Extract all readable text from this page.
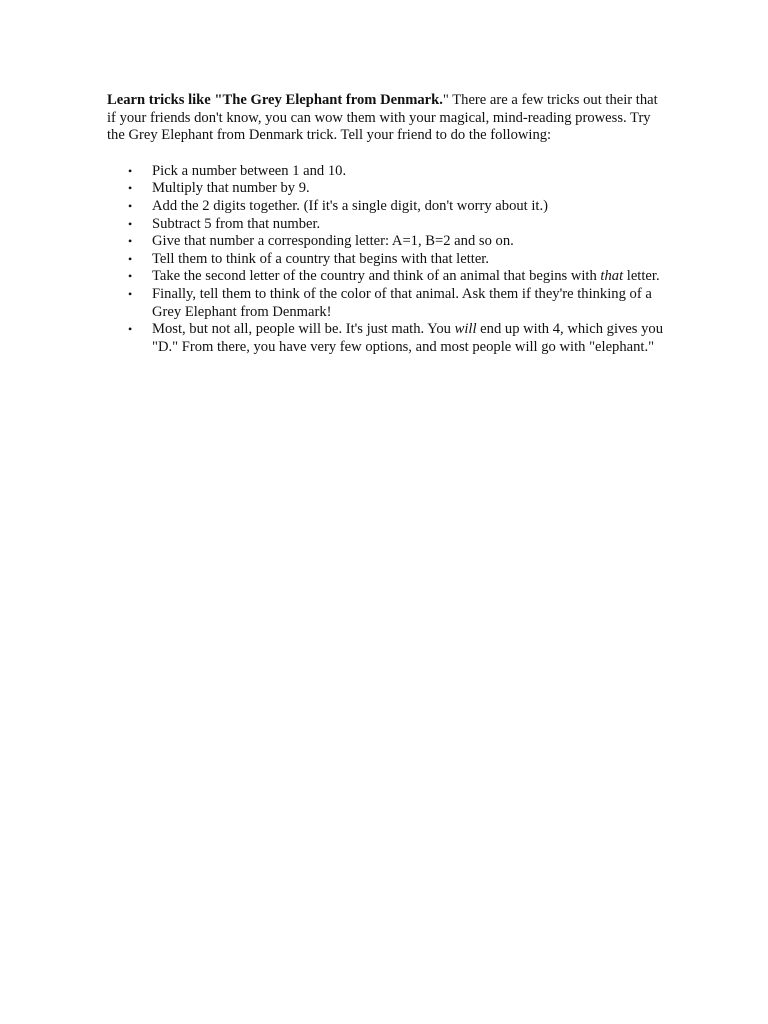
Learn tricks like "The Grey Elephant from Denmark." There are a few tricks out their that if your friends don't know, you can wow them with your magical, mind-reading prowess. Try the Grey Elephant from Denmark trick. Tell your friend to do the following:

• Pick a number between 1 and 10.
• Multiply that number by 9.
• Add the 2 digits together. (If it's a single digit, don't worry about it.)
• Subtract 5 from that number.
• Give that number a corresponding letter: A=1, B=2 and so on.
• Tell them to think of a country that begins with that letter.
• Take the second letter of the country and think of an animal that begins with that letter.
• Finally, tell them to think of the color of that animal. Ask them if they're thinking of a Grey Elephant from Denmark!
• Most, but not all, people will be. It's just math. You will end up with 4, which gives you "D." From there, you have very few options, and most people will go with "elephant."
